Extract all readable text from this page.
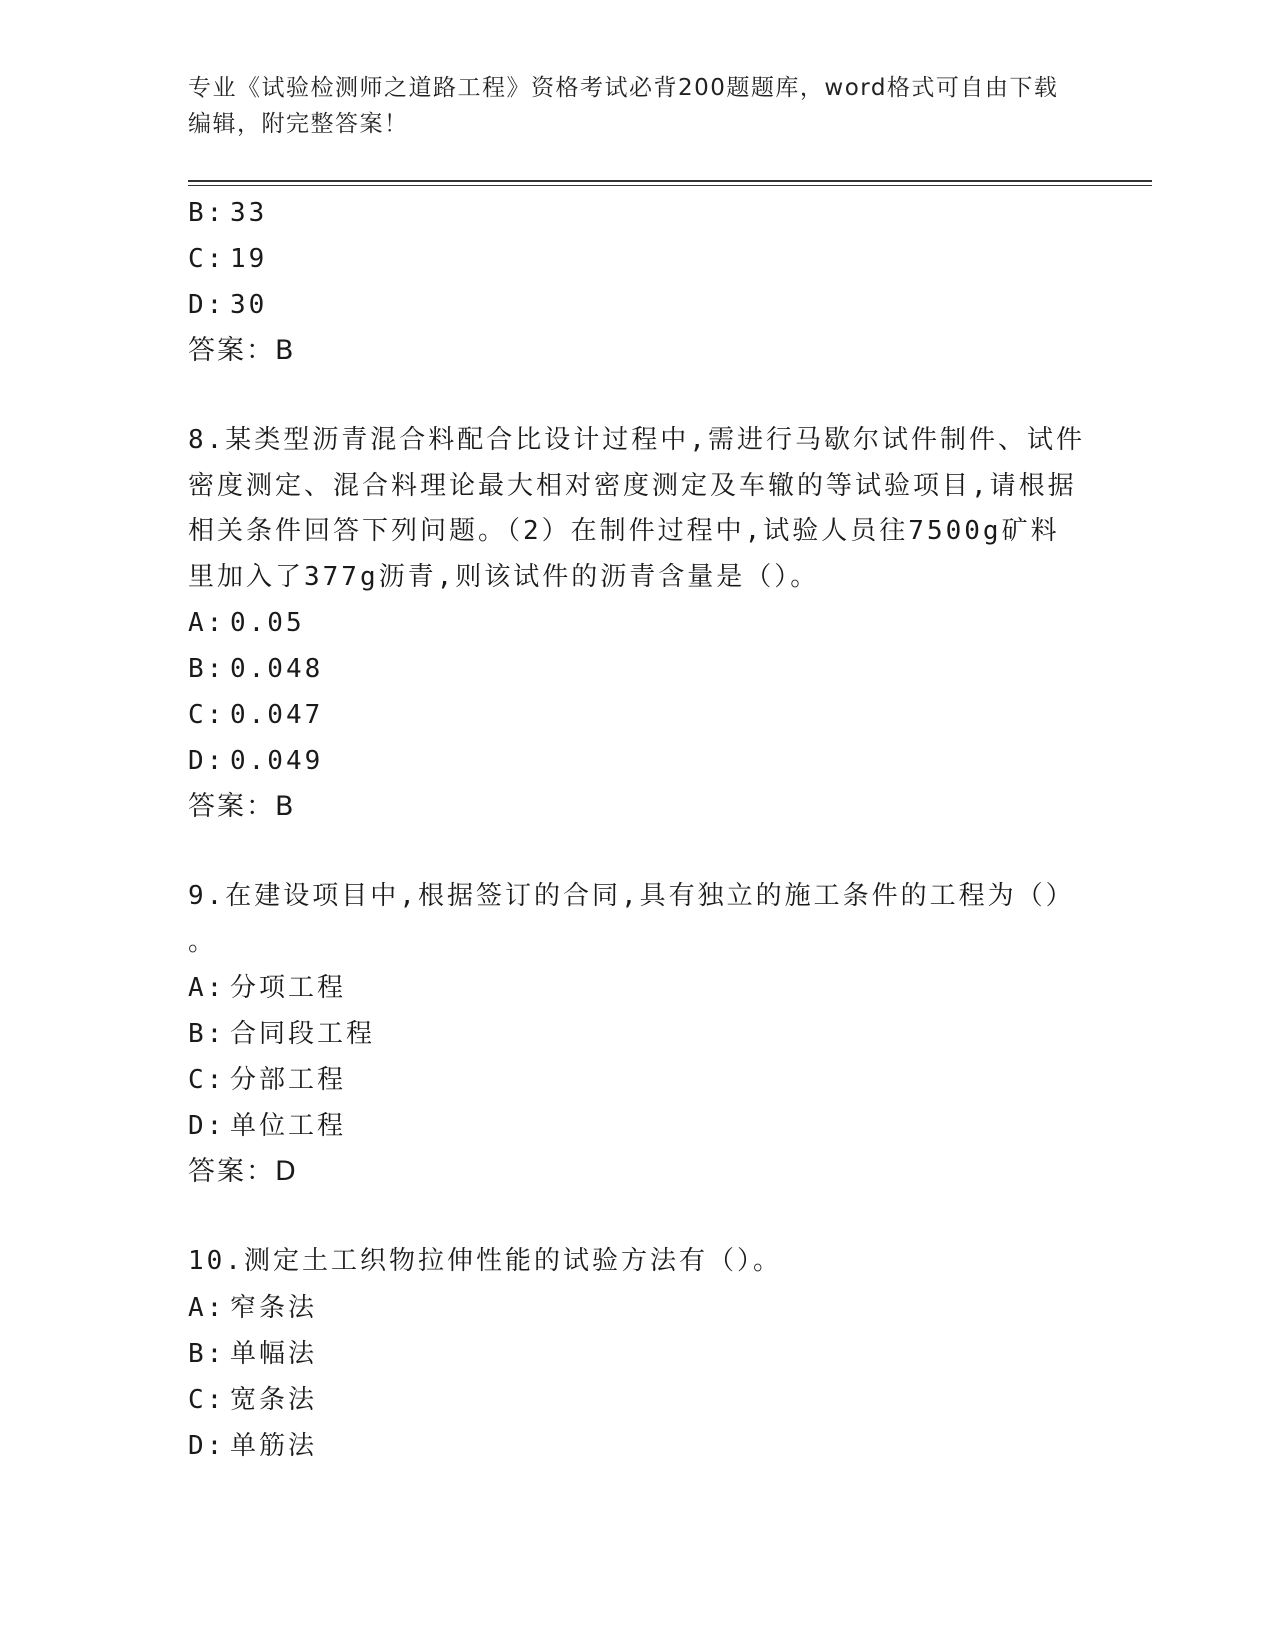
专业《试验检测师之道路工程》资格考试必背200题题库，word格式可自由下载
编辑，附完整答案！
B: 33
C: 19
D: 30
答案：B
8.某类型沥青混合料配合比设计过程中,需进行马歇尔试件制件、试件
密度测定、混合料理论最大相对密度测定及车辙的等试验项目,请根据
相关条件回答下列问题。（2）在制件过程中,试验人员往7500g矿料
里加入了377g沥青,则该试件的沥青含量是（）。
A: 0.05
B: 0.048
C: 0.047
D: 0.049
答案：B
9.在建设项目中,根据签订的合同,具有独立的施工条件的工程为（）
。
A: 分项工程
B: 合同段工程
C: 分部工程
D: 单位工程
答案：D
10.测定土工织物拉伸性能的试验方法有（）。
A: 窄条法
B: 单幅法
C: 宽条法
D: 单筋法
